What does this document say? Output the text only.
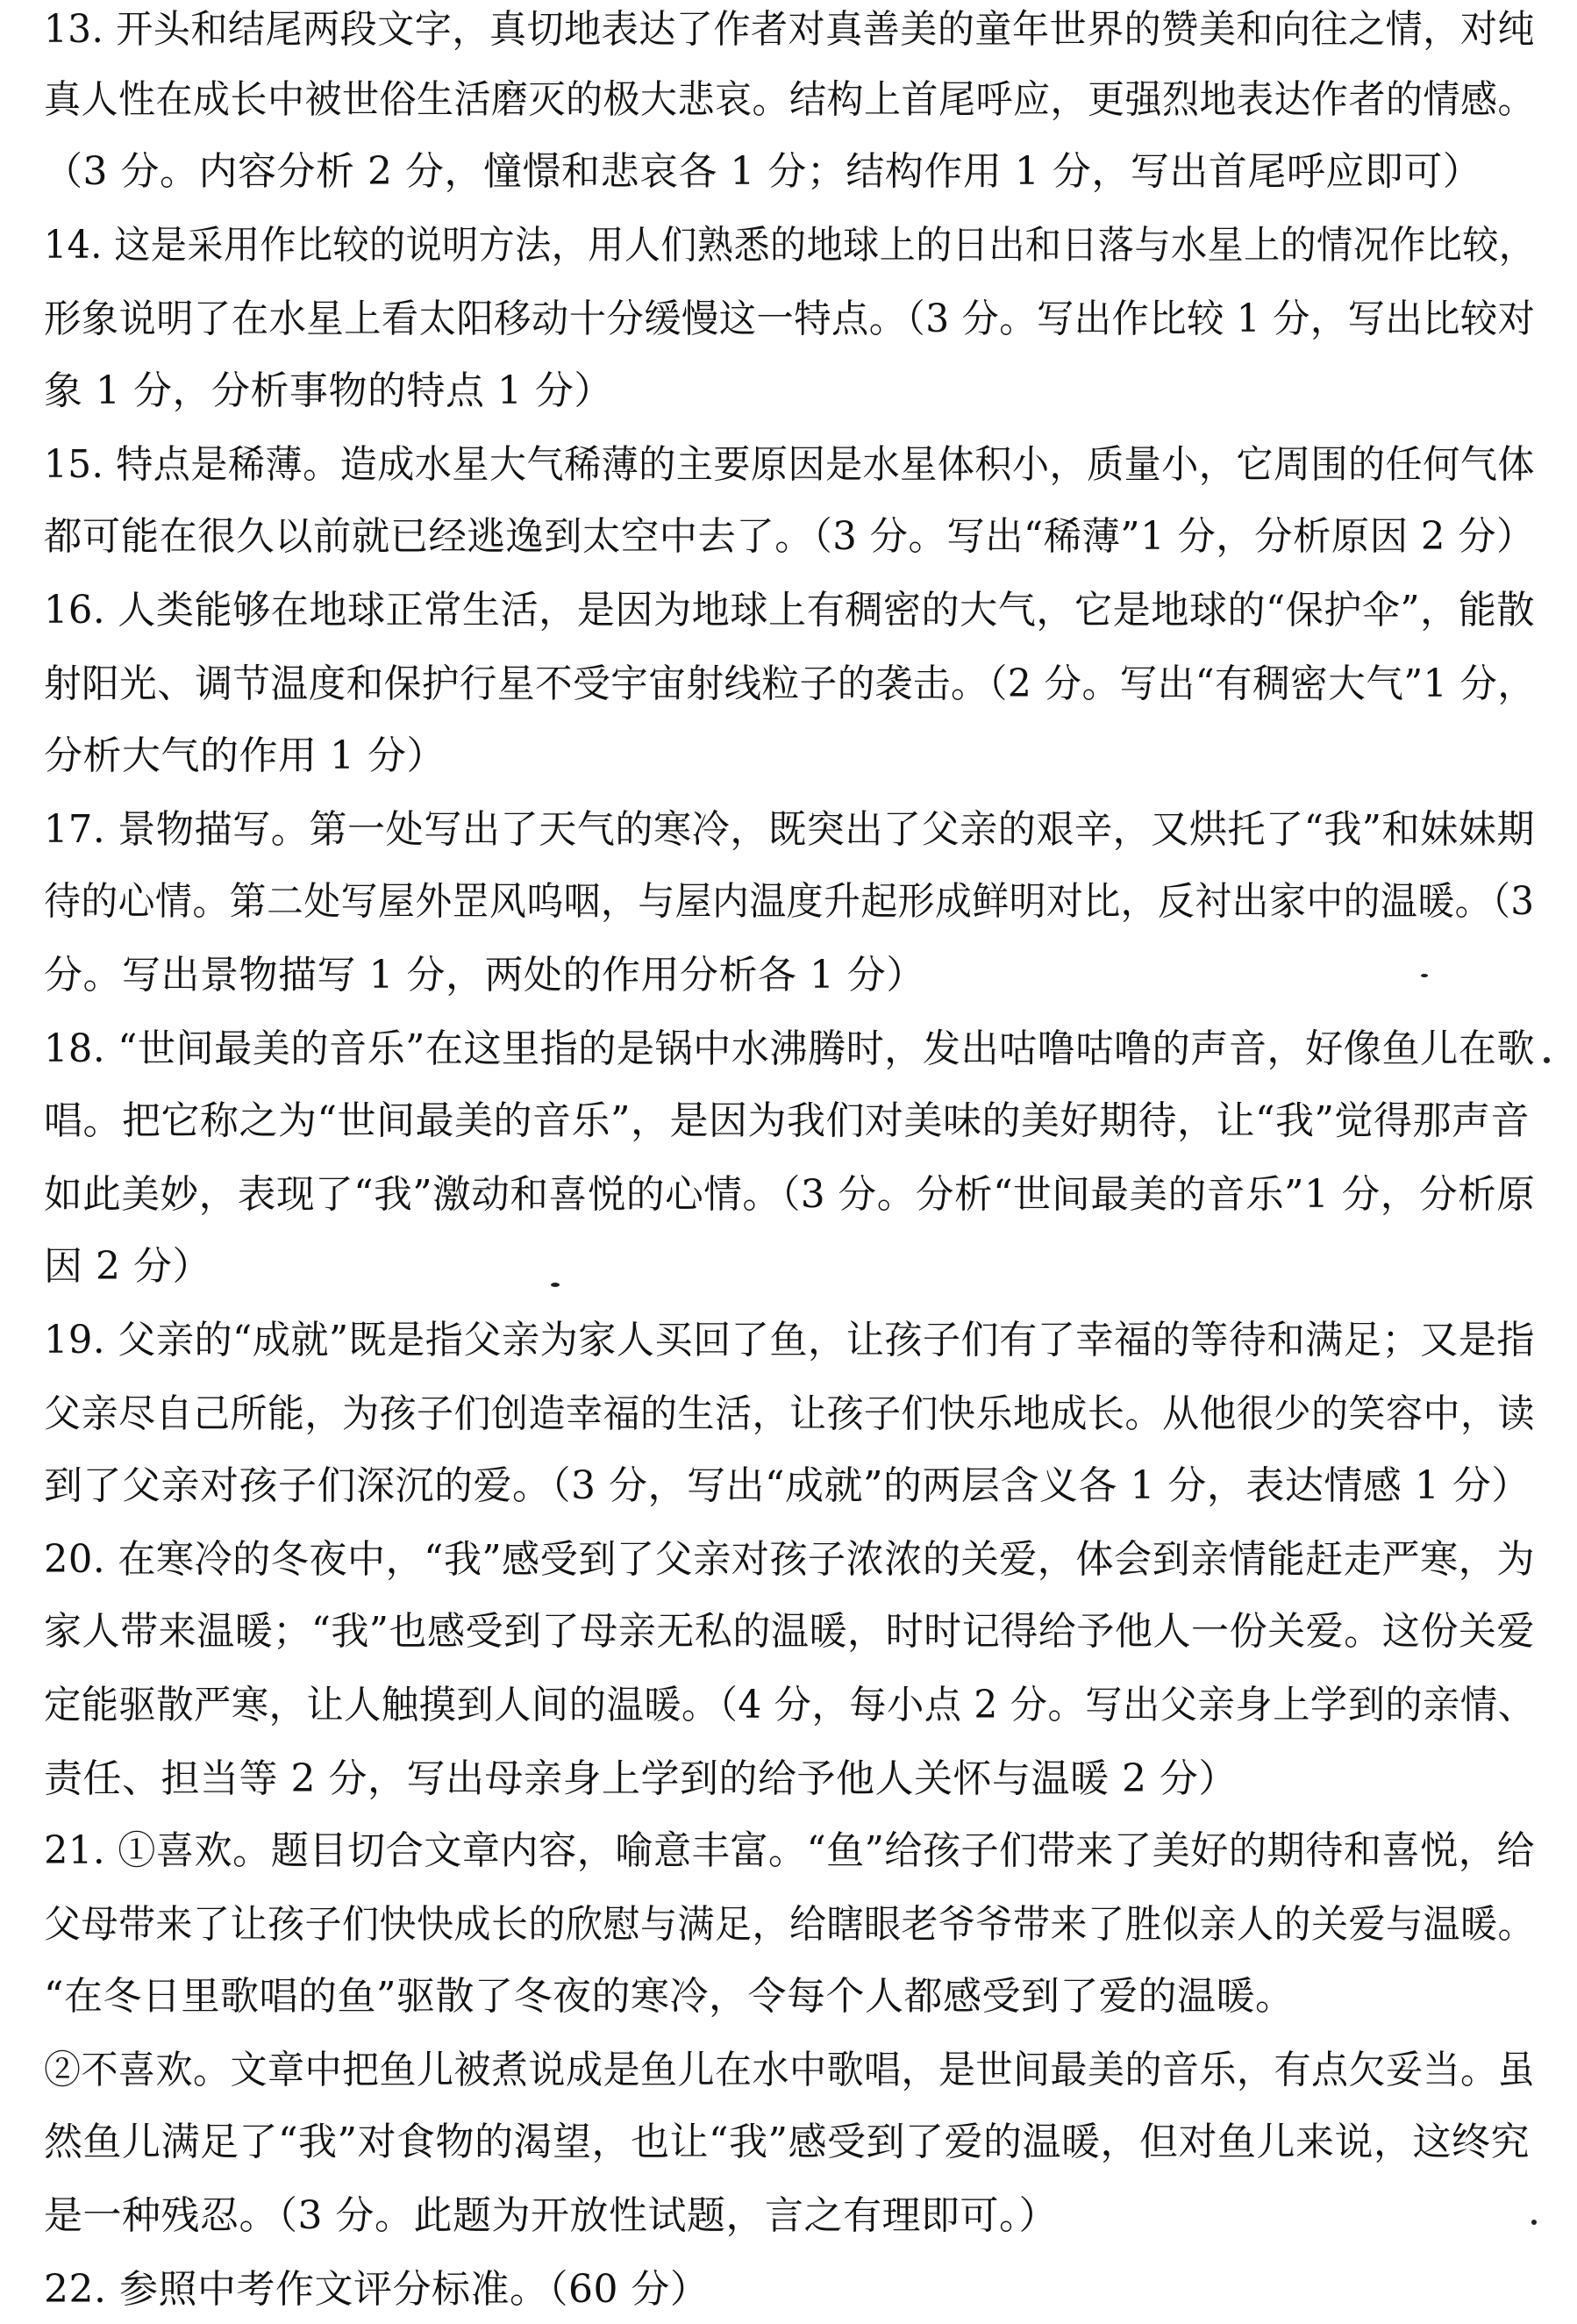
13. 开头和结尾两段文字，真切地表达了作者对真善美的童年世界的赞美和向往之情，对纯
真人性在成长中被世俗生活磨灭的极大悲哀。结构上首尾呼应，更强烈地表达作者的情感。
（3 分。内容分析 2 分，憧憬和悲哀各 1 分；结构作用 1 分，写出首尾呼应即可）
14. 这是采用作比较的说明方法，用人们熟悉的地球上的日出和日落与水星上的情况作比较，
形象说明了在水星上看太阳移动十分缓慢这一特点。（3 分。写出作比较 1 分，写出比较对
象 1 分，分析事物的特点 1 分）
15. 特点是稀薄。造成水星大气稀薄的主要原因是水星体积小，质量小，它周围的任何气体
都可能在很久以前就已经逃逸到太空中去了。（3 分。写出“稀薄”1 分，分析原因 2 分）
16. 人类能够在地球正常生活，是因为地球上有稠密的大气，它是地球的“保护伞”，能散
射阳光、调节温度和保护行星不受宇宙射线粒子的袭击。（2 分。写出“有稠密大气”1 分，
分析大气的作用 1 分）
17. 景物描写。第一处写出了天气的寒冷，既突出了父亲的艰辛，又烘托了“我”和妹妹期
待的心情。第二处写屋外罡风呜咽，与屋内温度升起形成鲜明对比，反衬出家中的温暖。（3
分。写出景物描写 1 分，两处的作用分析各 1 分）
18. “世间最美的音乐”在这里指的是锅中水沸腾时，发出咕噜咕噜的声音，好像鱼儿在歌
唱。把它称之为“世间最美的音乐”，是因为我们对美味的美好期待，让“我”觉得那声音
如此美妙，表现了“我”激动和喜悦的心情。（3 分。分析“世间最美的音乐”1 分，分析原
因 2 分）
19. 父亲的“成就”既是指父亲为家人买回了鱼，让孩子们有了幸福的等待和满足；又是指
父亲尽自己所能，为孩子们创造幸福的生活，让孩子们快乐地成长。从他很少的笑容中，读
到了父亲对孩子们深沉的爱。（3 分，写出“成就”的两层含义各 1 分，表达情感 1 分）
20. 在寒冷的冬夜中，“我”感受到了父亲对孩子浓浓的关爱，体会到亲情能赶走严寒，为
家人带来温暖；“我”也感受到了母亲无私的温暖，时时记得给予他人一份关爱。这份关爱
定能驱散严寒，让人触摸到人间的温暖。（4 分，每小点 2 分。写出父亲身上学到的亲情、
责任、担当等 2 分，写出母亲身上学到的给予他人关怀与温暖 2 分）
21. ①喜欢。题目切合文章内容，喻意丰富。“鱼”给孩子们带来了美好的期待和喜悦，给
父母带来了让孩子们快快成长的欣慰与满足，给瞎眼老爷爷带来了胜似亲人的关爱与温暖。
“在冬日里歌唱的鱼”驱散了冬夜的寒冷，令每个人都感受到了爱的温暖。
②不喜欢。文章中把鱼儿被煮说成是鱼儿在水中歌唱，是世间最美的音乐，有点欠妥当。虽
然鱼儿满足了“我”对食物的渴望，也让“我”感受到了爱的温暖，但对鱼儿来说，这终究
是一种残忍。（3 分。此题为开放性试题，言之有理即可。）
22. 参照中考作文评分标准。（60 分）
